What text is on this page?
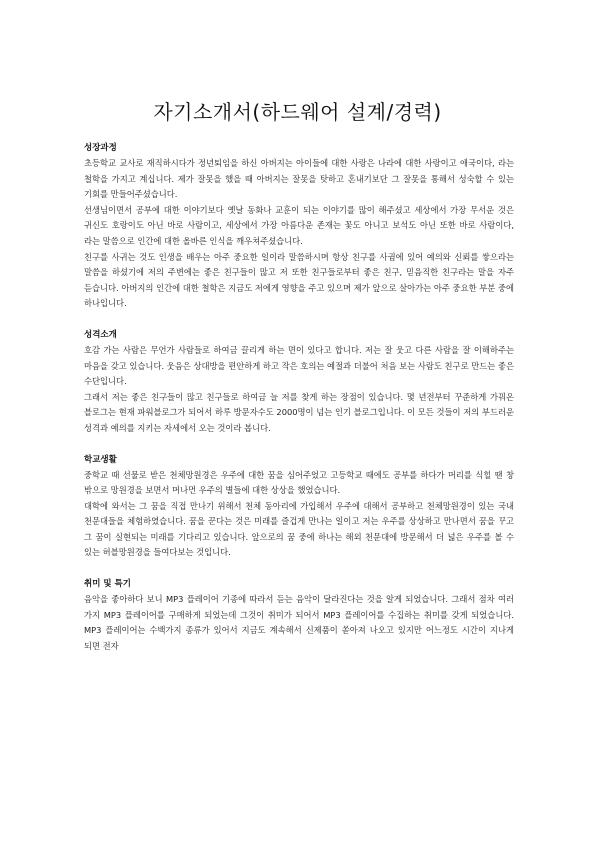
자기소개서(하드웨어 설계/경력)

성장과정

초등학교 교사로 재직하시다가 정년퇴임을 하신 아버지는 아이들에 대한 사랑은 나라에 대한 사랑이고 애국이다, 라는 철학을 가지고 계십니다. 제가 잘못을 했을 때 아버지는 잘못을 탓하고 혼내기보단 그 잘못을 통해서 성숙할 수 있는 기회를 만들어주셨습니다.

선생님이면서 공부에 대한 이야기보다 옛날 동화나 교훈이 되는 이야기를 많이 해주셨고 세상에서 가장 무서운 것은 귀신도 호랑이도 아닌 바로 사람이고, 세상에서 가장 아름다운 존재는 꽃도 아니고 보석도 아닌 또한 바로 사람이다, 라는 말씀으로 인간에 대한 올바른 인식을 깨우쳐주셨습니다.

친구를 사귀는 것도 인생을 배우는 아주 중요한 일이라 말씀하시며 항상 친구를 사귐에 있어 예의와 신뢰를 쌓으라는 말씀을 하셨기에 저의 주변에는 좋은 친구들이 많고 저 또한 친구들로부터 좋은 친구, 믿음직한 친구라는 말을 자주 듣습니다. 아버지의 인간에 대한 철학은 지금도 저에게 영향을 주고 있으며 제가 앞으로 살아가는 아주 중요한 부분 중에 하나입니다.

성격소개

호감 가는 사람은 무언가 사람들로 하여금 끌리게 하는 면이 있다고 합니다. 저는 잘 웃고 다른 사람을 잘 이해하주는 마음을 갖고 있습니다. 웃음은 상대방을 편안하게 하고 작은 호의는 예절과 더불어 처음 보는 사람도 친구로 만드는 좋은 수단입니다.

그래서 저는 좋은 친구들이 많고 친구들로 하여금 늘 저를 찾게 하는 장점이 있습니다. 몇 년전부터 꾸준하게 가꿔온 블로그는 현재 파워블로그가 되어서 하루 방문자수도 2000명이 넘는 인기 블로그입니다. 이 모든 것들이 저의 부드러운 성격과 예의를 지키는 자세에서 오는 것이라 봅니다.

학교생활

중학교 때 선물로 받은 천체망원경은 우주에 대한 꿈을 심어주었고 고등학교 때에도 공부를 하다가 머리를 식힐 땐 창 밖으로 망원경을 보면서 머나먼 우주의 별들에 대한 상상을 했었습니다.

대학에 와서는 그 꿈을 직접 만나기 위해서 천체 동아리에 가입해서 우주에 대해서 공부하고 천체망원경이 있는 국내 천문대들을 체험하였습니다. 꿈을 꾼다는 것은 미래를 즐겁게 만나는 일이고 저는 우주를 상상하고 만나면서 꿈을 꾸고 그 꿈이 실현되는 미래를 기다리고 있습니다. 앞으로의 꿈 중에 하나는 해외 천문대에 방문해서 더 넓은 우주를 볼 수 있는 허블망원경을 들여다보는 것입니다.

취미 및 특기

음악을 좋아하다 보니 MP3 플레이어 기종에 따라서 듣는 음악이 달라진다는 것을 알게 되었습니다. 그래서 점차 여러 가지 MP3 플레이어를 구매하게 되었는데 그것이 취미가 되어서 MP3 플레이어를 수집하는 취미를 갖게 되었습니다. MP3 플레이어는 수백가지 종류가 있어서 지금도 계속해서 신제품이 쏟아져 나오고 있지만 어느정도 시간이 지나게 되면 전자
